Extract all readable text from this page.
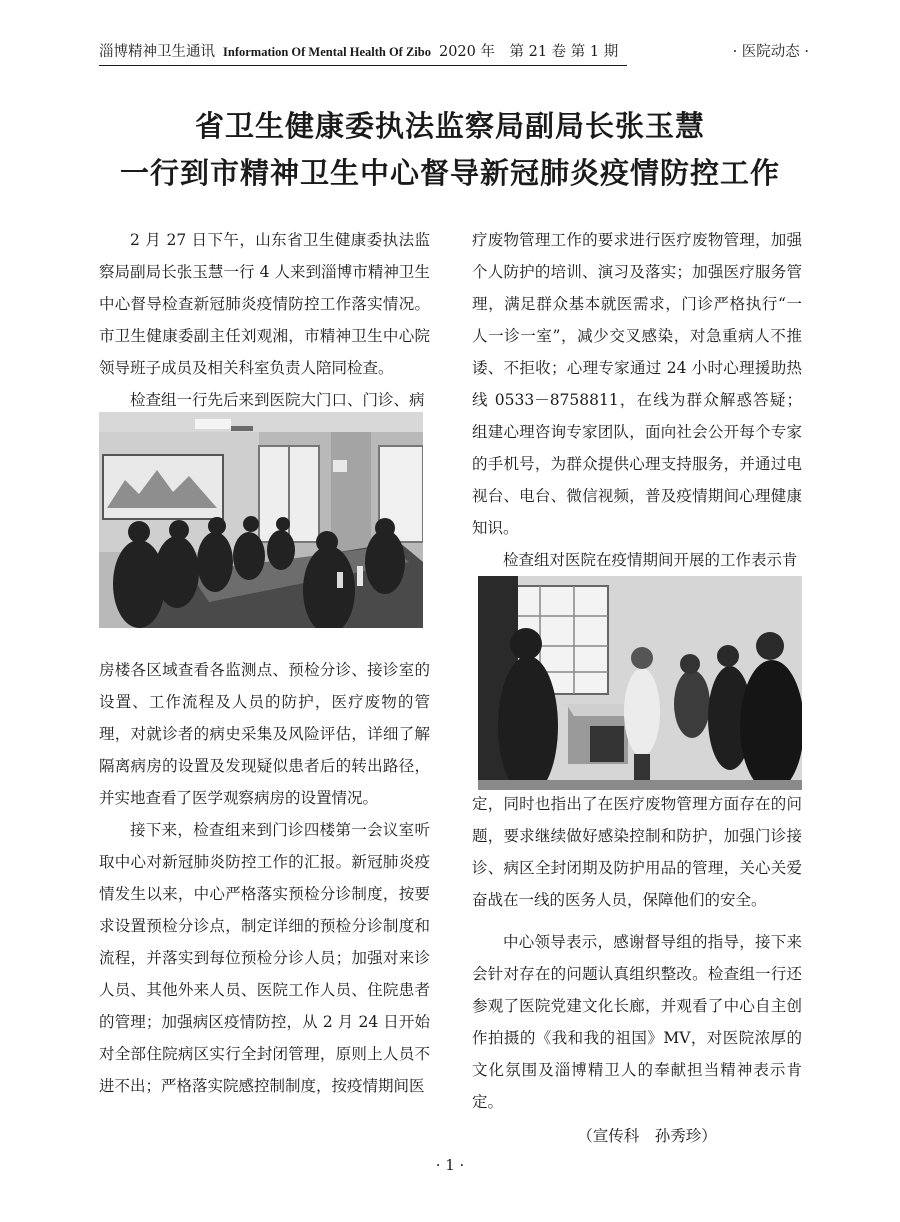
淄博精神卫生通讯 Information Of Mental Health Of Zibo 2020 年　第 21 卷 第 1 期	· 医院动态 ·
省卫生健康委执法监察局副局长张玉慧
一行到市精神卫生中心督导新冠肺炎疫情防控工作

2 月 27 日下午，山东省卫生健康委执法监察局副局长张玉慧一行 4 人来到淄博市精神卫生中心督导检查新冠肺炎疫情防控工作落实情况。市卫生健康委副主任刘观湘，市精神卫生中心院领导班子成员及相关科室负责人陪同检查。

检查组一行先后来到医院大门口、门诊、病

房楼各区域查看各监测点、预检分诊、接诊室的设置、工作流程及人员的防护，医疗废物的管理，对就诊者的病史采集及风险评估，详细了解隔离病房的设置及发现疑似患者后的转出路径，并实地查看了医学观察病房的设置情况。

接下来，检查组来到门诊四楼第一会议室听取中心对新冠肺炎防控工作的汇报。新冠肺炎疫情发生以来，中心严格落实预检分诊制度，按要求设置预检分诊点，制定详细的预检分诊制度和流程，并落实到每位预检分诊人员；加强对来诊人员、其他外来人员、医院工作人员、住院患者的管理；加强病区疫情防控，从 2 月 24 日开始对全部住院病区实行全封闭管理，原则上人员不进不出；严格落实院感控制制度，按疫情期间医

疗废物管理工作的要求进行医疗废物管理，加强个人防护的培训、演习及落实；加强医疗服务管理，满足群众基本就医需求，门诊严格执行“一人一诊一室”，减少交叉感染，对急重病人不推诿、不拒收；心理专家通过 24 小时心理援助热线 0533－8758811，在线为群众解惑答疑；组建心理咨询专家团队，面向社会公开每个专家的手机号，为群众提供心理支持服务，并通过电视台、电台、微信视频，普及疫情期间心理健康知识。

检查组对医院在疫情期间开展的工作表示肯

定，同时也指出了在医疗废物管理方面存在的问题，要求继续做好感染控制和防护，加强门诊接诊、病区全封闭期及防护用品的管理，关心关爱奋战在一线的医务人员，保障他们的安全。

中心领导表示，感谢督导组的指导，接下来会针对存在的问题认真组织整改。检查组一行还参观了医院党建文化长廊，并观看了中心自主创作拍摄的《我和我的祖国》MV，对医院浓厚的文化氛围及淄博精卫人的奉献担当精神表示肯定。

（宣传科　孙秀珍）

· 1 ·
